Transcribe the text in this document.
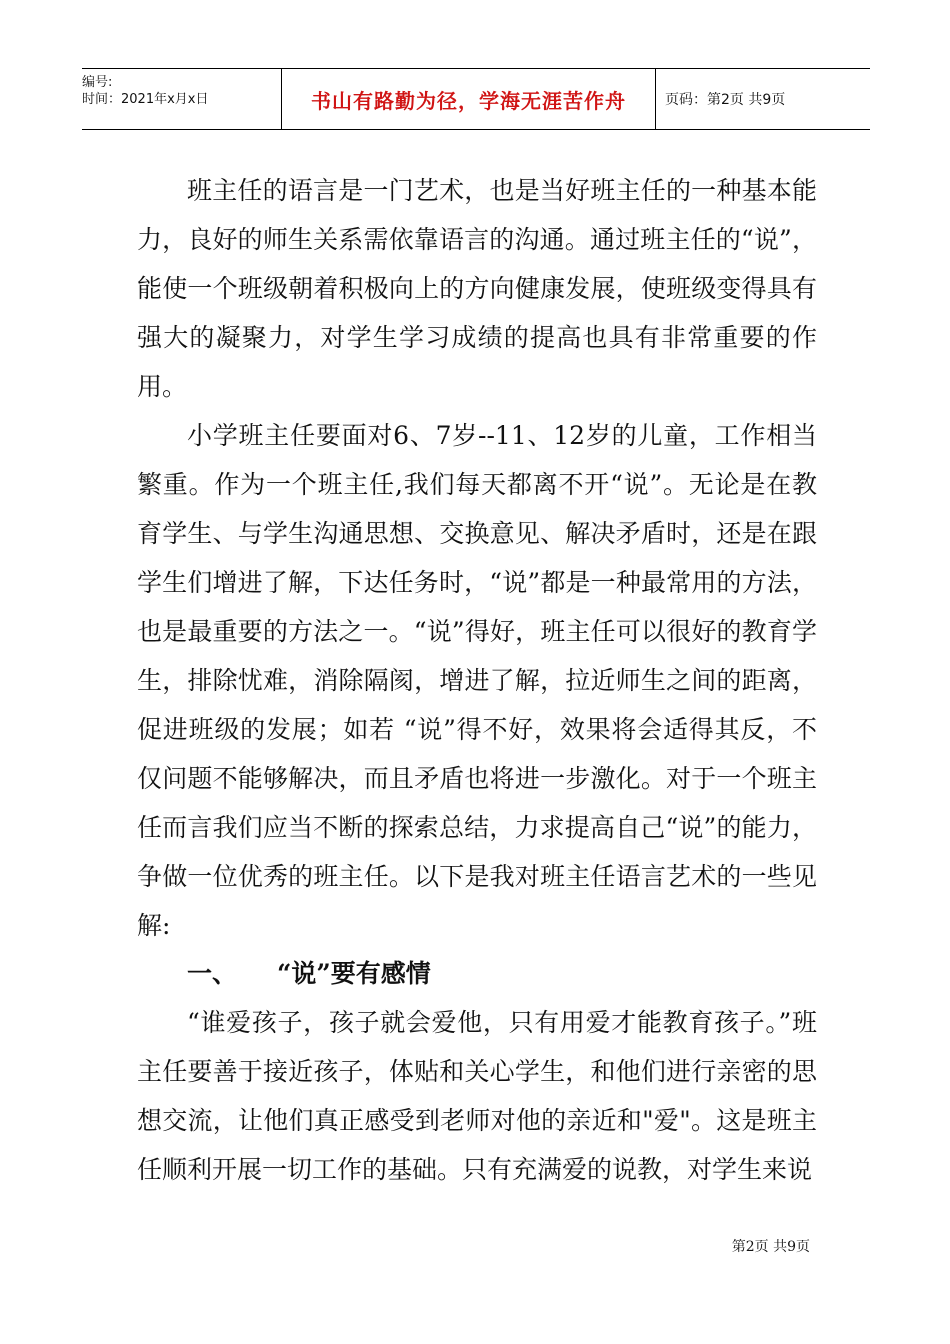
编号:
时间：2021年x月x日	书山有路勤为径，学海无涯苦作舟	页码：第2页 共9页

班主任的语言是一门艺术，也是当好班主任的一种基本能力，良好的师生关系需依靠语言的沟通。通过班主任的“说”，能使一个班级朝着积极向上的方向健康发展，使班级变得具有强大的凝聚力，对学生学习成绩的提高也具有非常重要的作用。

小学班主任要面对6、7岁--11、12岁的儿童，工作相当繁重。作为一个班主任,我们每天都离不开“说”。无论是在教育学生、与学生沟通思想、交换意见、解决矛盾时，还是在跟学生们增进了解，下达任务时，“说”都是一种最常用的方法，也是最重要的方法之一。“说”得好，班主任可以很好的教育学生，排除忧难，消除隔阂，增进了解，拉近师生之间的距离，促进班级的发展；如若 “说”得不好，效果将会适得其反，不仅问题不能够解决，而且矛盾也将进一步激化。对于一个班主任而言我们应当不断的探索总结，力求提高自己“说”的能力，争做一位优秀的班主任。以下是我对班主任语言艺术的一些见解:

一、 “说”要有感情

“谁爱孩子，孩子就会爱他，只有用爱才能教育孩子。”班主任要善于接近孩子，体贴和关心学生，和他们进行亲密的思想交流，让他们真正感受到老师对他的亲近和"爱"。这是班主任顺利开展一切工作的基础。只有充满爱的说教，对学生来说

第2页 共9页
